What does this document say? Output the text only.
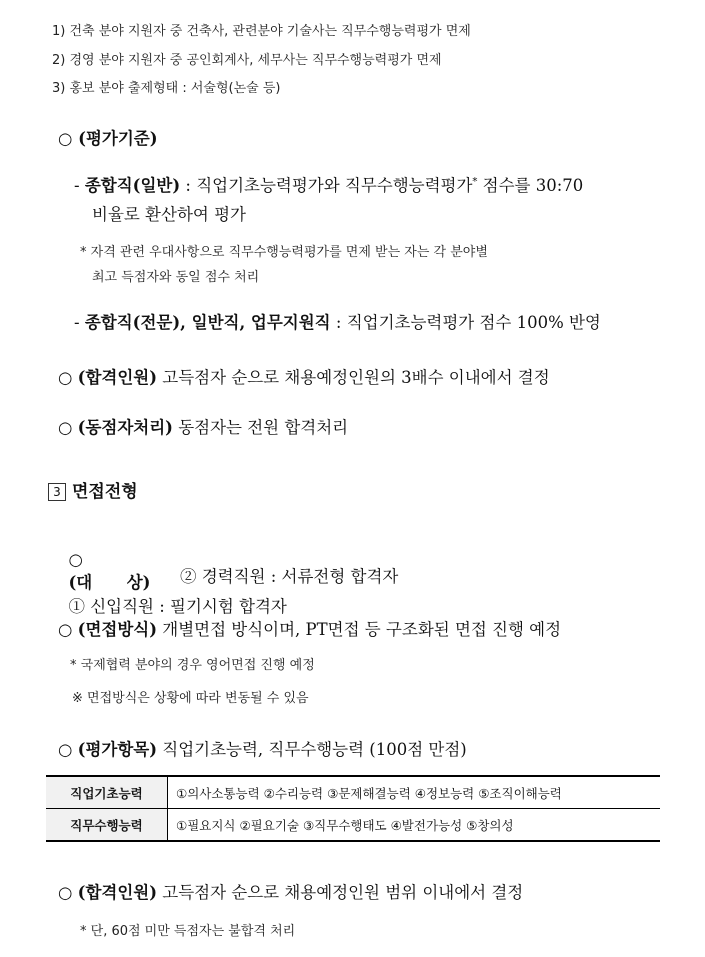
1) 건축 분야 지원자 중 건축사, 관련분야 기술사는 직무수행능력평가 면제
2) 경영 분야 지원자 중 공인회계사, 세무사는 직무수행능력평가 면제
3) 홍보 분야 출제형태 : 서술형(논술 등)
○ (평가기준)
- 종합직(일반) : 직업기초능력평가와 직무수행능력평가* 점수를 30:70
비율로 환산하여 평가
* 자격 관련 우대사항으로 직무수행능력평가를 면제 받는 자는 각 분야별
최고 득점자와 동일 점수 처리
- 종합직(전문), 일반직, 업무지원직 : 직업기초능력평가 점수 100% 반영
○ (합격인원) 고득점자 순으로 채용예정인원의 3배수 이내에서 결정
○ (동점자처리) 동점자는 전원 합격처리
3 면접전형

○
(대      상)
① 신입직원 : 필기시험 합격자

② 경력직원 : 서류전형 합격자
○ (면접방식) 개별면접 방식이며, PT면접 등 구조화된 면접 진행 예정
* 국제협력 분야의 경우 영어면접 진행 예정
※ 면접방식은 상황에 따라 변동될 수 있음
○ (평가항목) 직업기초능력, 직무수행능력 (100점 만점)
직업기초능력	①의사소통능력 ②수리능력 ③문제해결능력 ④정보능력 ⑤조직이해능력
직무수행능력	①필요지식 ②필요기술 ③직무수행태도 ④발전가능성 ⑤창의성
○ (합격인원) 고득점자 순으로 채용예정인원 범위 이내에서 결정
* 단, 60점 미만 득점자는 불합격 처리
